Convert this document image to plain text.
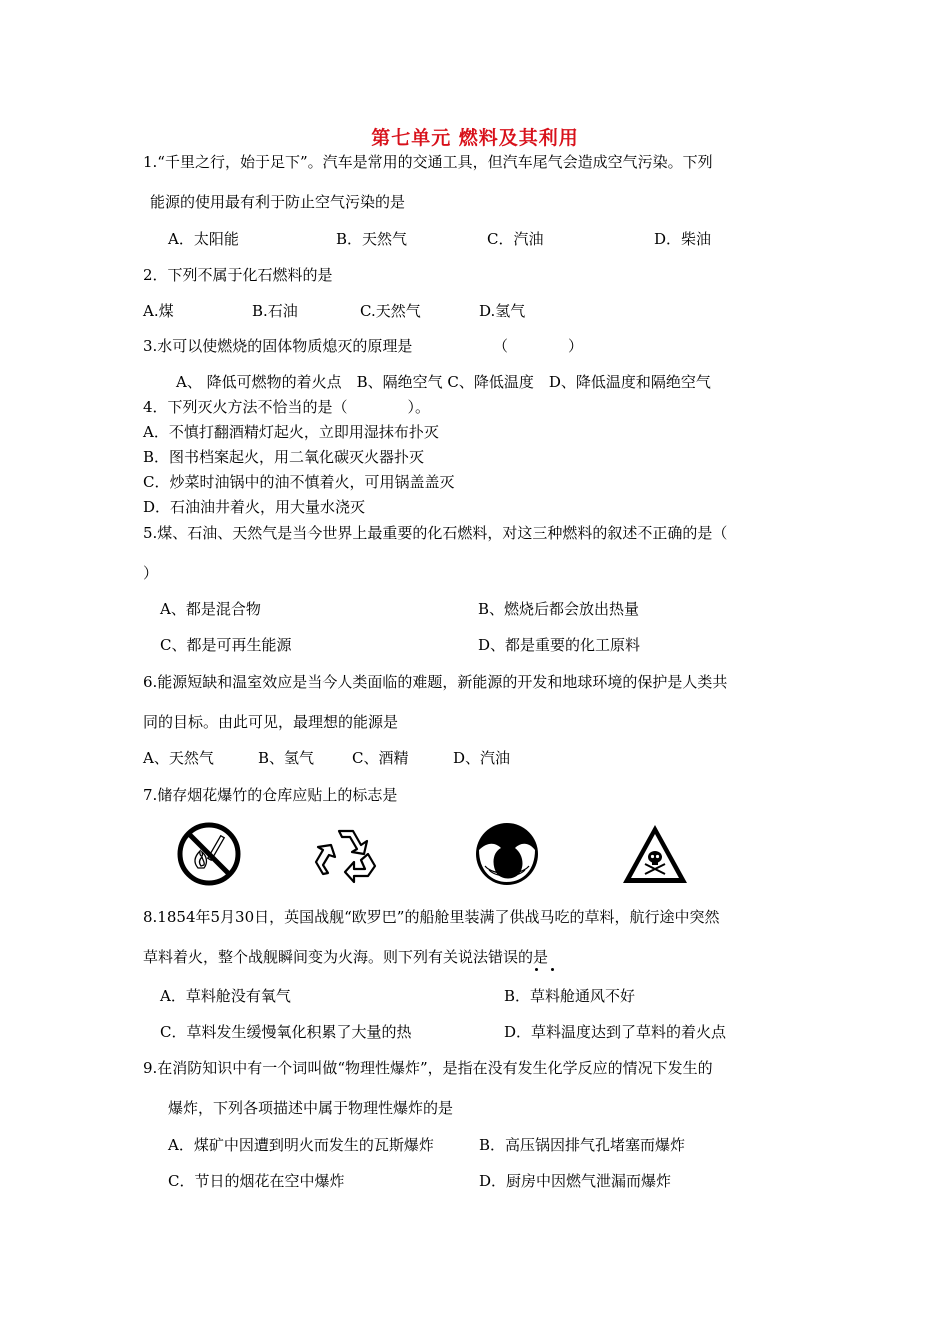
第七单元 燃料及其利用
1.“千里之行，始于足下”。汽车是常用的交通工具，但汽车尾气会造成空气污染。下列
能源的使用最有利于防止空气污染的是
A．太阳能	B．天然气	C．汽油	D．柴油
2．下列不属于化石燃料的是
A.煤	B.石油	C.天然气	D.氢气
3.水可以使燃烧的固体物质熄灭的原理是	（　　　　）
A、 降低可燃物的着火点　B、隔绝空气 C、降低温度　D、降低温度和隔绝空气
4．下列灭火方法不恰当的是（　　　　）。
A．不慎打翻酒精灯起火，立即用湿抹布扑灭
B．图书档案起火，用二氧化碳灭火器扑灭
C．炒菜时油锅中的油不慎着火，可用锅盖盖灭
D．石油油井着火，用大量水浇灭
5.煤、石油、天然气是当今世界上最重要的化石燃料，对这三种燃料的叙述不正确的是（
）
A、都是混合物	B、燃烧后都会放出热量
C、都是可再生能源	D、都是重要的化工原料
6.能源短缺和温室效应是当今人类面临的难题，新能源的开发和地球环境的保护是人类共
同的目标。由此可见，最理想的能源是
A、天然气	B、氢气	C、酒精	D、汽油
7.储存烟花爆竹的仓库应贴上的标志是
8.1854年5月30日，英国战舰“欧罗巴”的船舱里装满了供战马吃的草料，航行途中突然
草料着火，整个战舰瞬间变为火海。则下列有关说法错误的是
A．草料舱没有氧气	B．草料舱通风不好
C．草料发生缓慢氧化积累了大量的热	D．草料温度达到了草料的着火点
9.在消防知识中有一个词叫做“物理性爆炸”，是指在没有发生化学反应的情况下发生的
爆炸，下列各项描述中属于物理性爆炸的是
A．煤矿中因遭到明火而发生的瓦斯爆炸	B．高压锅因排气孔堵塞而爆炸
C．节日的烟花在空中爆炸	D．厨房中因燃气泄漏而爆炸
